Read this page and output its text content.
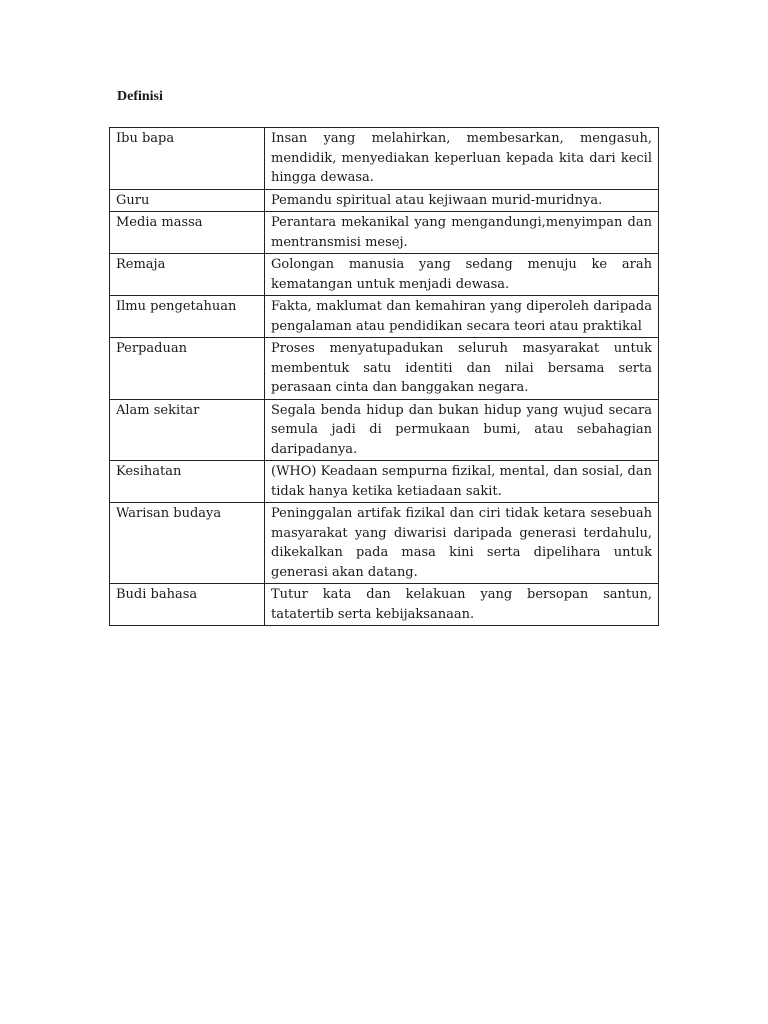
Definisi
Ibu bapa	Insan yang melahirkan, membesarkan, mengasuh, mendidik, menyediakan keperluan kepada kita dari kecil hingga dewasa.
Guru	Pemandu spiritual atau kejiwaan murid-muridnya.
Media massa	Perantara mekanikal yang mengandungi,menyimpan dan mentransmisi mesej.
Remaja	Golongan manusia yang sedang menuju ke arah kematangan untuk menjadi dewasa.
Ilmu pengetahuan	Fakta, maklumat dan kemahiran yang diperoleh daripada pengalaman atau pendidikan secara teori atau praktikal
Perpaduan	Proses menyatupadukan seluruh masyarakat untuk membentuk satu identiti dan nilai bersama serta perasaan cinta dan banggakan negara.
Alam sekitar	Segala benda hidup dan bukan hidup yang wujud secara semula jadi di permukaan bumi, atau sebahagian daripadanya.
Kesihatan	(WHO) Keadaan sempurna fizikal, mental, dan sosial, dan tidak hanya ketika ketiadaan sakit.
Warisan budaya	Peninggalan artifak fizikal dan ciri tidak ketara sesebuah masyarakat yang diwarisi daripada generasi terdahulu, dikekalkan pada masa kini serta dipelihara untuk generasi akan datang.
Budi bahasa	Tutur kata dan kelakuan yang bersopan santun, tatatertib serta kebijaksanaan.
